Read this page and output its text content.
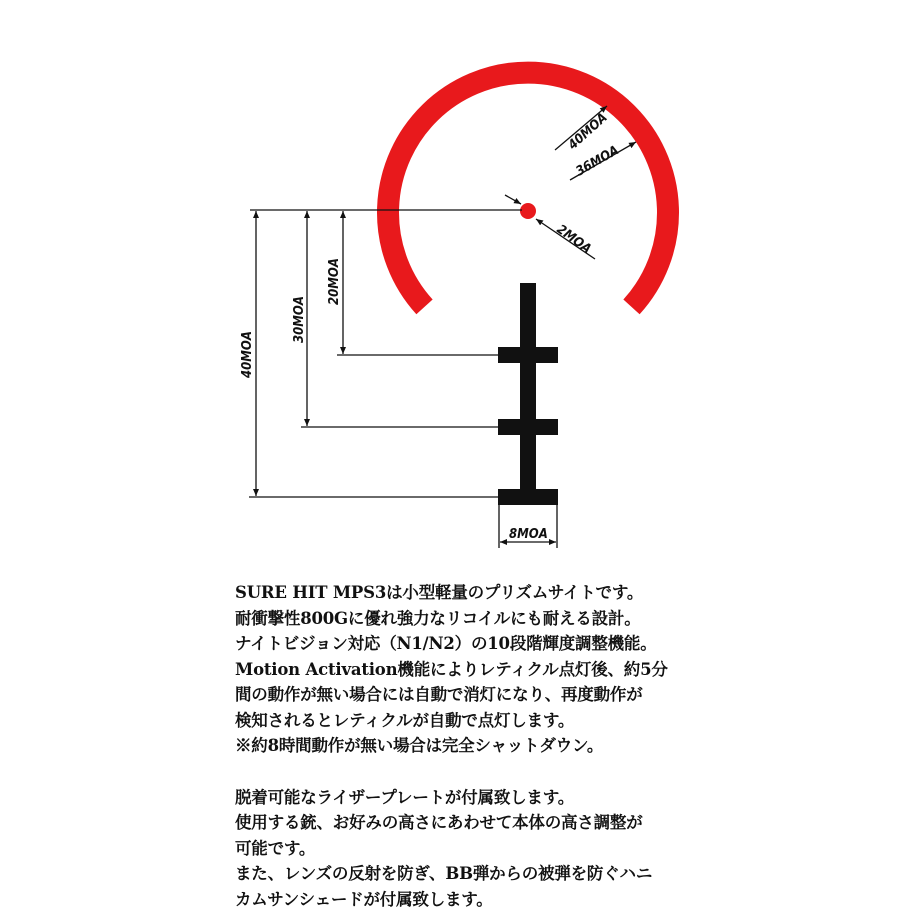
40MOA
36MOA
2MOA
20MOA
30MOA
40MOA
8MOA

SURE HIT MPS3は小型軽量のプリズムサイトです。

耐衝撃性800Gに優れ強力なリコイルにも耐える設計。

ナイトビジョン対応（N1/N2）の10段階輝度調整機能。

Motion Activation機能によりレティクル点灯後、約5分

間の動作が無い場合には自動で消灯になり、再度動作が

検知されるとレティクルが自動で点灯します。

※約8時間動作が無い場合は完全シャットダウン。

脱着可能なライザープレートが付属致します。

使用する銃、お好みの高さにあわせて本体の高さ調整が

可能です。

また、レンズの反射を防ぎ、BB弾からの被弾を防ぐハニ

カムサンシェードが付属致します。
